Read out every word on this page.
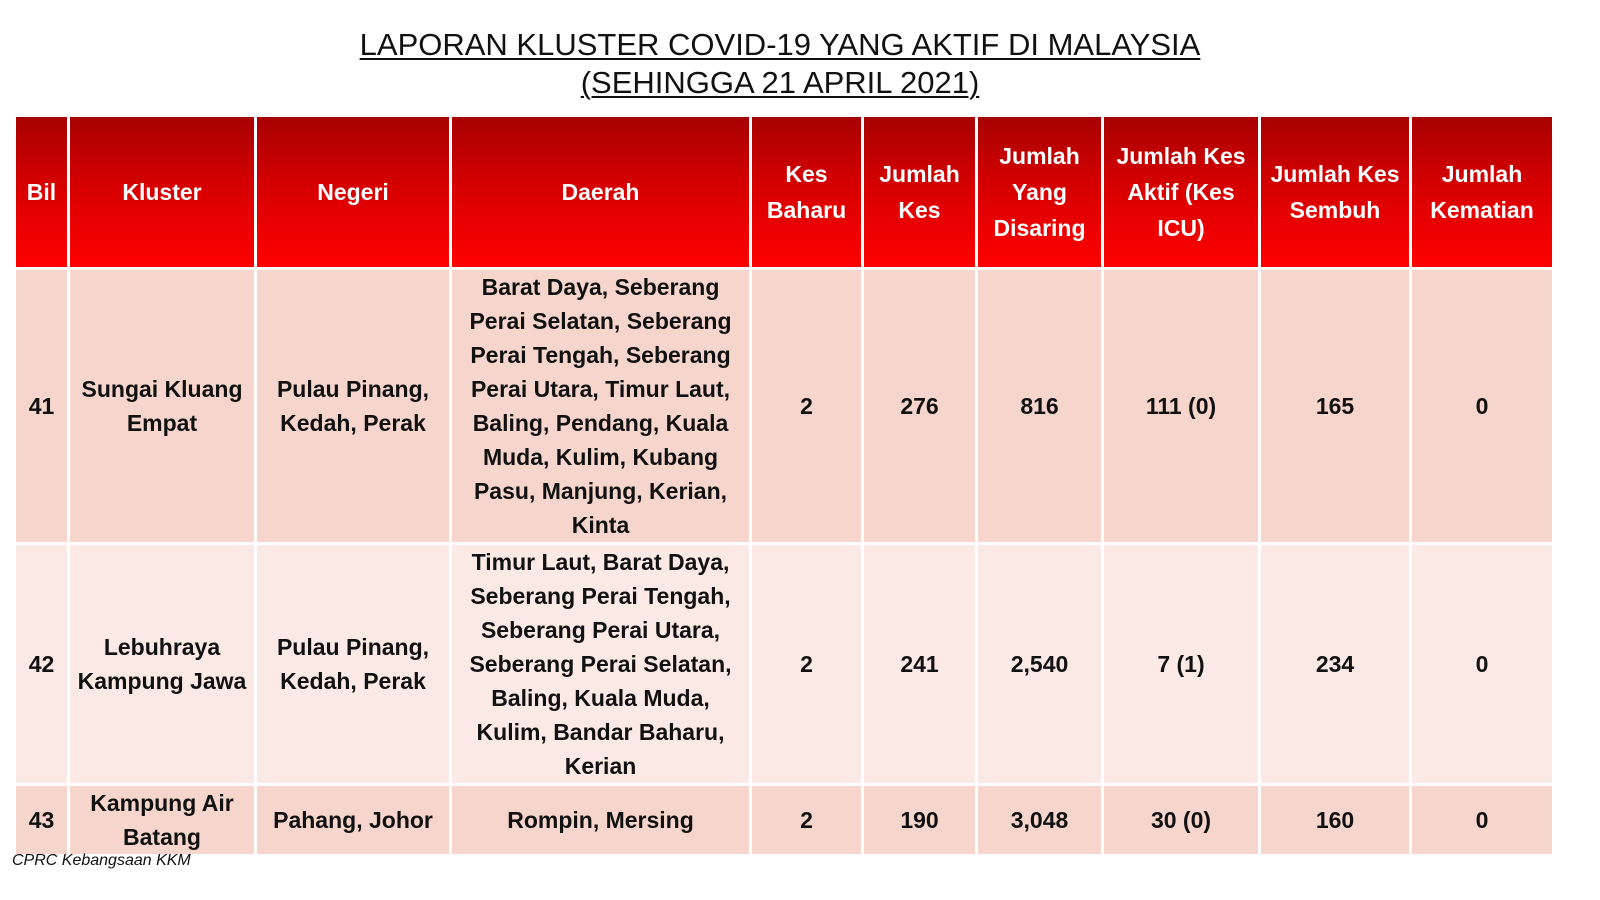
LAPORAN KLUSTER COVID-19 YANG AKTIF DI MALAYSIA
(SEHINGGA 21 APRIL 2021)
Bil	Kluster	Negeri	Daerah	Kes Baharu	Jumlah Kes	Jumlah Yang Disaring	Jumlah Kes Aktif (Kes ICU)	Jumlah Kes Sembuh	Jumlah Kematian
41	Sungai Kluang Empat	Pulau Pinang, Kedah, Perak	Barat Daya, Seberang Perai Selatan, Seberang Perai Tengah, Seberang Perai Utara, Timur Laut, Baling, Pendang, Kuala Muda, Kulim, Kubang Pasu, Manjung, Kerian, Kinta	2	276	816	111 (0)	165	0
42	Lebuhraya Kampung Jawa	Pulau Pinang, Kedah, Perak	Timur Laut, Barat Daya, Seberang Perai Tengah, Seberang Perai Utara, Seberang Perai Selatan, Baling, Kuala Muda, Kulim, Bandar Baharu, Kerian	2	241	2,540	7 (1)	234	0
43	Kampung Air Batang	Pahang, Johor	Rompin, Mersing	2	190	3,048	30 (0)	160	0
CPRC Kebangsaan KKM
